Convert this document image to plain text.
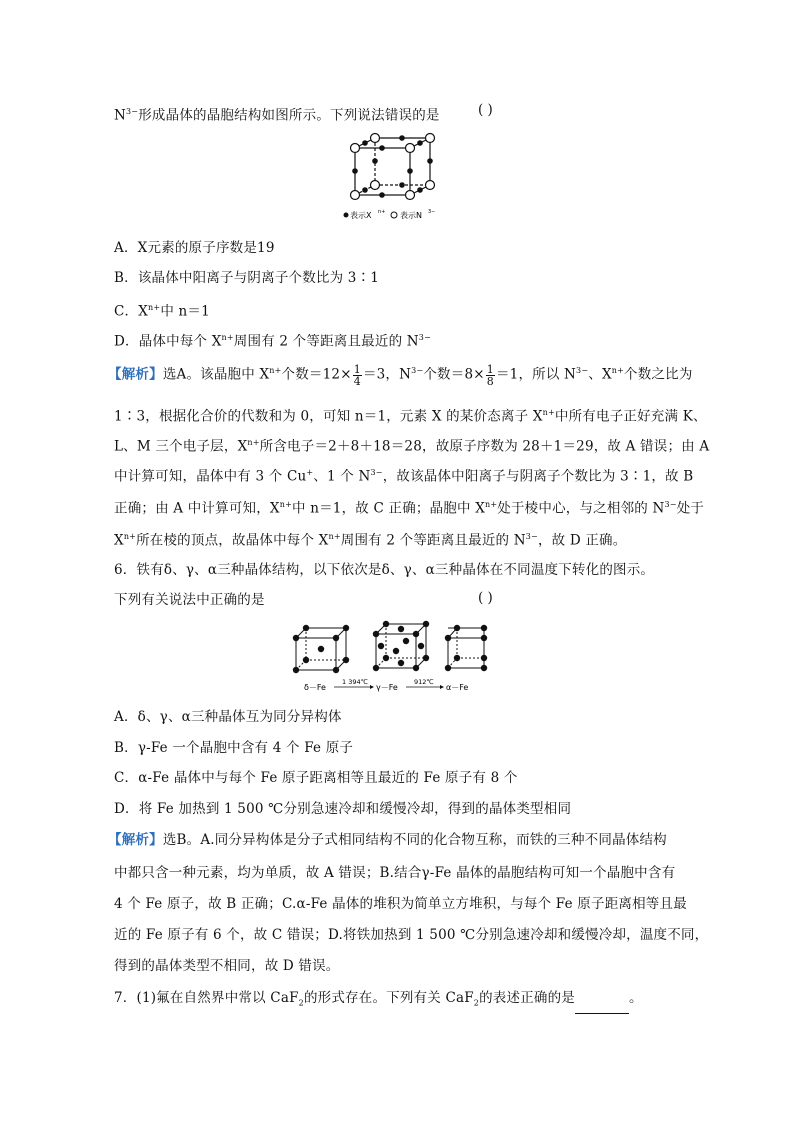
$N^{3-}$形成晶体的晶胞结构如图所示。下列说法错误的是	( )
表示X n+ 表示N 3−
A．X元素的原子序数是19
B．该晶体中阳离子与阴离子个数比为 3∶1
C．$X^{n+}$中 n＝1
D．晶体中每个 $X^{n+}$周围有 2 个等距离且最近的 $N^{3-}$
【解析】选A。该晶胞中 $X^{n+}$个数$=12\times \frac{1}{4} =3$，$N^{3-}$个数$=8\times \frac{1}{8} =1$，所以 $N^{3-}$、$X^{n+}$个数之比为
1∶3，根据化合价的代数和为 0，可知 n＝1，元素 X 的某价态离子 $X^{n+}$中所有电子正好充满 K、
L、M 三个电子层，$X^{n+}$所含电子＝2＋8＋18＝28，故原子序数为 28＋1＝29，故 A 错误；由 A
中计算可知，晶体中有 3 个 Cu+、1 个 $N^{3-}$，故该晶体中阳离子与阴离子个数比为 3∶1，故 B
正确；由 A 中计算可知，$X^{n+}$中 n＝1，故 C 正确；晶胞中 $X^{n+}$处于棱中心，与之相邻的 $N^{3-}$处于
$X^{n+}$所在棱的顶点，故晶体中每个 $X^{n+}$周围有 2 个等距离且最近的 $N^{3-}$，故 D 正确。
6．铁有δ、γ、α三种晶体结构，以下依次是δ、γ、α三种晶体在不同温度下转化的图示。
下列有关说法中正确的是	( )
δ－Fe
1 394℃
γ－Fe
912℃
α－Fe
A．δ、γ、α三种晶体互为同分异构体
B．γ-Fe 一个晶胞中含有 4 个 Fe 原子
C．α-Fe 晶体中与每个 Fe 原子距离相等且最近的 Fe 原子有 8 个
D．将 Fe 加热到 1 500 ℃分别急速冷却和缓慢冷却，得到的晶体类型相同
【解析】选B。A.同分异构体是分子式相同结构不同的化合物互称，而铁的三种不同晶体结构
中都只含一种元素，均为单质，故 A 错误；B.结合γ-Fe 晶体的晶胞结构可知一个晶胞中含有
4 个 Fe 原子，故 B 正确；C.α-Fe 晶体的堆积为简单立方堆积，与每个 Fe 原子距离相等且最
近的 Fe 原子有 6 个，故 C 错误；D.将铁加热到 1 500 ℃分别急速冷却和缓慢冷却，温度不同，
得到的晶体类型不相同，故 D 错误。
7．(1)氟在自然界中常以 CaF$_2$的形式存在。下列有关 CaF$_2$的表述正确的是	。
